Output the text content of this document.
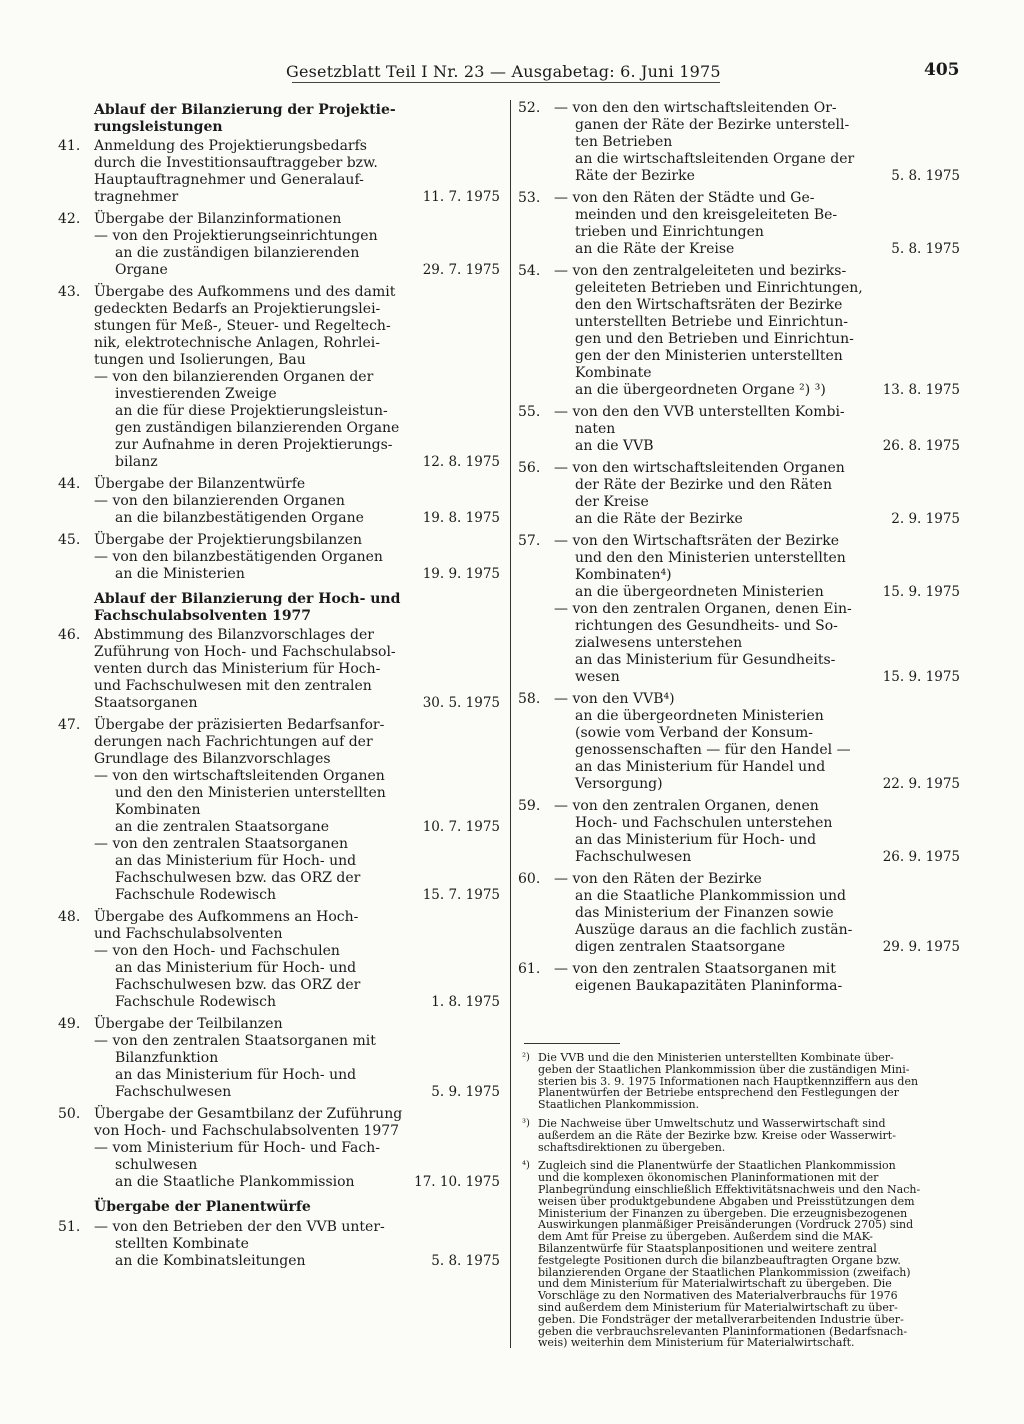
Gesetzblatt Teil I Nr. 23 — Ausgabetag: 6. Juni 1975	405
Ablauf der Bilanzierung der Projektie-
rungsleistungen
41. Anmeldung des Projektierungsbedarfs
durch die Investitionsauftraggeber bzw.
Hauptauftragnehmer und Generalauf-
tragnehmer	11. 7. 1975
42. Übergabe der Bilanzinformationen
— von den Projektierungseinrichtungen
an die zuständigen bilanzierenden
Organe	29. 7. 1975
43. Übergabe des Aufkommens und des damit
gedeckten Bedarfs an Projektierungslei-
stungen für Meß-, Steuer- und Regeltech-
nik, elektrotechnische Anlagen, Rohrlei-
tungen und Isolierungen, Bau
— von den bilanzierenden Organen der
investierenden Zweige
an die für diese Projektierungsleistun-
gen zuständigen bilanzierenden Organe
zur Aufnahme in deren Projektierungs-
bilanz	12. 8. 1975
44. Übergabe der Bilanzentwürfe
— von den bilanzierenden Organen
an die bilanzbestätigenden Organe	19. 8. 1975
45. Übergabe der Projektierungsbilanzen
— von den bilanzbestätigenden Organen
an die Ministerien	19. 9. 1975
Ablauf der Bilanzierung der Hoch- und
Fachschulabsolventen 1977
46. Abstimmung des Bilanzvorschlages der
Zuführung von Hoch- und Fachschulabsol-
venten durch das Ministerium für Hoch-
und Fachschulwesen mit den zentralen
Staatsorganen	30. 5. 1975
47. Übergabe der präzisierten Bedarfsanfor-
derungen nach Fachrichtungen auf der
Grundlage des Bilanzvorschlages
— von den wirtschaftsleitenden Organen
und den den Ministerien unterstellten
Kombinaten
an die zentralen Staatsorgane	10. 7. 1975
— von den zentralen Staatsorganen
an das Ministerium für Hoch- und
Fachschulwesen bzw. das ORZ der
Fachschule Rodewisch	15. 7. 1975
48. Übergabe des Aufkommens an Hoch-
und Fachschulabsolventen
— von den Hoch- und Fachschulen
an das Ministerium für Hoch- und
Fachschulwesen bzw. das ORZ der
Fachschule Rodewisch	1. 8. 1975
49. Übergabe der Teilbilanzen
— von den zentralen Staatsorganen mit
Bilanzfunktion
an das Ministerium für Hoch- und
Fachschulwesen	5. 9. 1975
50. Übergabe der Gesamtbilanz der Zuführung
von Hoch- und Fachschulabsolventen 1977
— vom Ministerium für Hoch- und Fach-
schulwesen
an die Staatliche Plankommission	17. 10. 1975
Übergabe der Planentwürfe
51. — von den Betrieben der den VVB unter-
stellten Kombinate
an die Kombinatsleitungen	5. 8. 1975
52. — von den den wirtschaftsleitenden Or-
ganen der Räte der Bezirke unterstell-
ten Betrieben
an die wirtschaftsleitenden Organe der
Räte der Bezirke	5. 8. 1975
53. — von den Räten der Städte und Ge-
meinden und den kreisgeleiteten Be-
trieben und Einrichtungen
an die Räte der Kreise	5. 8. 1975
54. — von den zentralgeleiteten und bezirks-
geleiteten Betrieben und Einrichtungen,
den den Wirtschaftsräten der Bezirke
unterstellten Betriebe und Einrichtun-
gen und den Betrieben und Einrichtun-
gen der den Ministerien unterstellten
Kombinate
an die übergeordneten Organe ²) ³)	13. 8. 1975
55. — von den den VVB unterstellten Kombi-
naten
an die VVB	26. 8. 1975
56. — von den wirtschaftsleitenden Organen
der Räte der Bezirke und den Räten
der Kreise
an die Räte der Bezirke	2. 9. 1975
57. — von den Wirtschaftsräten der Bezirke
und den den Ministerien unterstellten
Kombinaten⁴)
an die übergeordneten Ministerien	15. 9. 1975
— von den zentralen Organen, denen Ein-
richtungen des Gesundheits- und So-
zialwesens unterstehen
an das Ministerium für Gesundheits-
wesen	15. 9. 1975
58. — von den VVB⁴)
an die übergeordneten Ministerien
(sowie vom Verband der Konsum-
genossenschaften — für den Handel —
an das Ministerium für Handel und
Versorgung)	22. 9. 1975
59. — von den zentralen Organen, denen
Hoch- und Fachschulen unterstehen
an das Ministerium für Hoch- und
Fachschulwesen	26. 9. 1975
60. — von den Räten der Bezirke
an die Staatliche Plankommission und
das Ministerium der Finanzen sowie
Auszüge daraus an die fachlich zustän-
digen zentralen Staatsorgane	29. 9. 1975
61. — von den zentralen Staatsorganen mit
eigenen Baukapazitäten Planinforma-
²) Die VVB und die den Ministerien unterstellten Kombinate über-
geben der Staatlichen Plankommission über die zuständigen Mini-
sterien bis 3. 9. 1975 Informationen nach Hauptkennziffern aus den
Planentwürfen der Betriebe entsprechend den Festlegungen der
Staatlichen Plankommission.
³) Die Nachweise über Umweltschutz und Wasserwirtschaft sind
außerdem an die Räte der Bezirke bzw. Kreise oder Wasserwirt-
schaftsdirektionen zu übergeben.
⁴) Zugleich sind die Planentwürfe der Staatlichen Plankommission
und die komplexen ökonomischen Planinformationen mit der
Planbegründung einschließlich Effektivitätsnachweis und den Nach-
weisen über produktgebundene Abgaben und Preisstützungen dem
Ministerium der Finanzen zu übergeben. Die erzeugnisbezogenen
Auswirkungen planmäßiger Preisänderungen (Vordruck 2705) sind
dem Amt für Preise zu übergeben. Außerdem sind die MAK-
Bilanzentwürfe für Staatsplanpositionen und weitere zentral
festgelegte Positionen durch die bilanzbeauftragten Organe bzw.
bilanzierenden Organe der Staatlichen Plankommission (zweifach)
und dem Ministerium für Materialwirtschaft zu übergeben. Die
Vorschläge zu den Normativen des Materialverbrauchs für 1976
sind außerdem dem Ministerium für Materialwirtschaft zu über-
geben. Die Fondsträger der metallverarbeitenden Industrie über-
geben die verbrauchsrelevanten Planinformationen (Bedarfsnach-
weis) weiterhin dem Ministerium für Materialwirtschaft.
